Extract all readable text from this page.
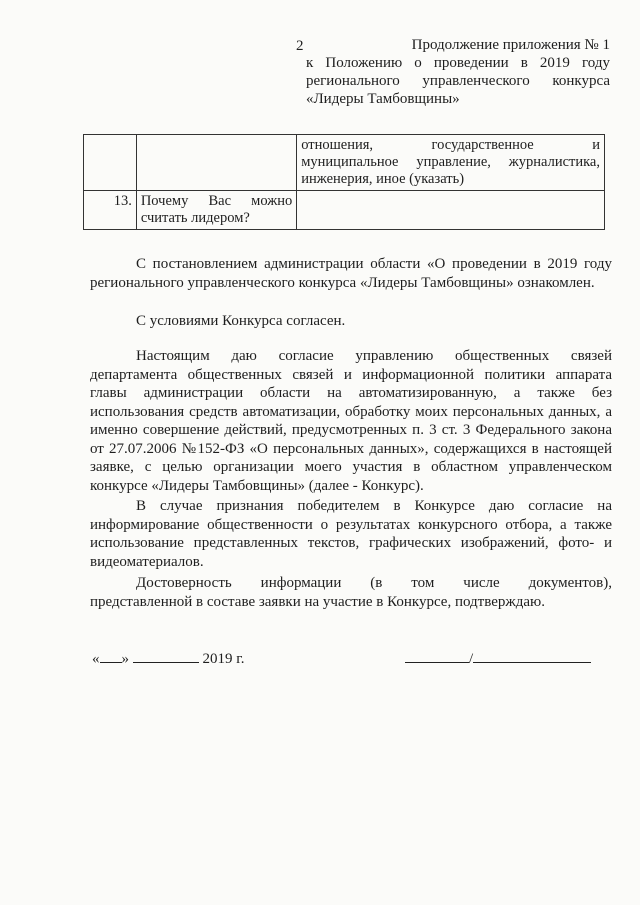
2	Продолжение приложения № 1
к Положению о проведении в 2019 году
регионального управленческого конкурса
«Лидеры Тамбовщины»

		отношения, государственное и
муниципальное управление, журналистика,
инженерия, иное (указать)

13.	Почему Вас можно
считать лидером?	

С постановлением администрации области «О проведении в 2019 году регионального управленческого конкурса «Лидеры Тамбовщины» ознакомлен.
С условиями Конкурса согласен.
Настоящим даю согласие управлению общественных связей департамента общественных связей и информационной политики аппарата главы администрации области на автоматизированную, а также без использования средств автоматизации, обработку моих персональных данных, а именно совершение действий, предусмотренных п. 3 ст. 3 Федерального закона от 27.07.2006 №152-ФЗ «О персональных данных», содержащихся в настоящей заявке, с целью организации моего участия в областном управленческом конкурсе «Лидеры Тамбовщины» (далее - Конкурс).
В случае признания победителем в Конкурсе даю согласие на информирование общественности о результатах конкурсного отбора, а также использование представленных текстов, графических изображений, фото- и видеоматериалов.
Достоверность информации (в том числе документов),
представленной в составе заявки на участие в Конкурсе, подтверждаю.
« »	2019 г.	/
